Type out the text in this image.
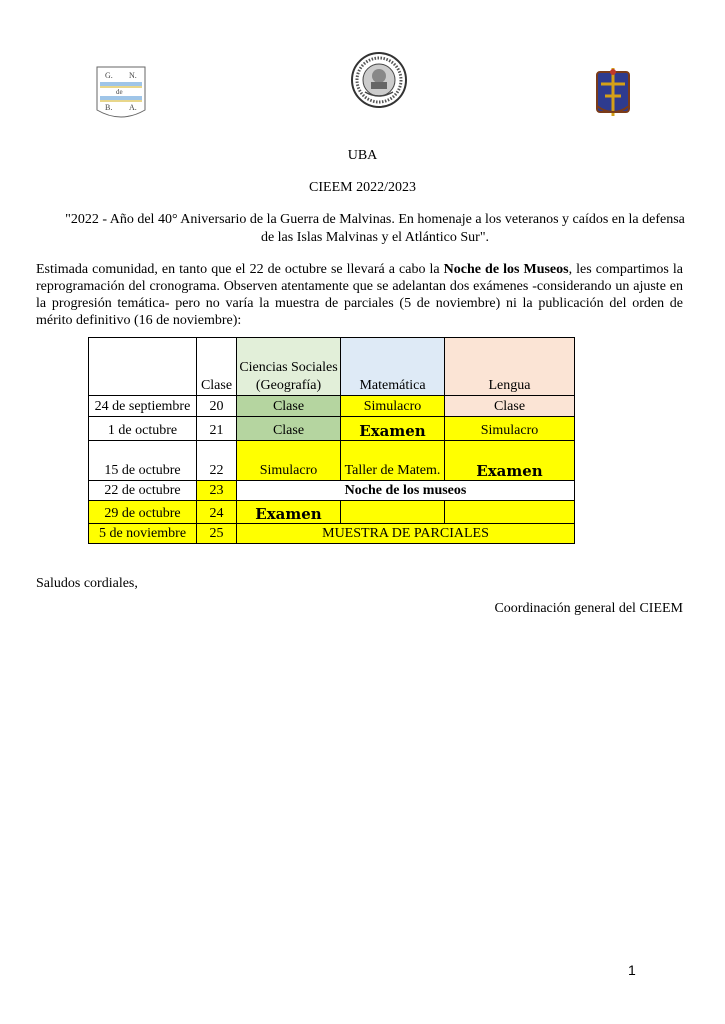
G. N.
de
B. A.
UBA
CIEEM 2022/2023
"2022 - Año del 40° Aniversario de la Guerra de Malvinas. En homenaje a los veteranos y caídos en la defensa de las Islas Malvinas y el Atlántico Sur".
Estimada comunidad, en tanto que el 22 de octubre se llevará a cabo la Noche de los Museos, les compartimos la reprogramación del cronograma. Observen atentamente que se adelantan dos exámenes -considerando un ajuste en la progresión temática- pero no varía la muestra de parciales (5 de noviembre) ni la publicación del orden de mérito definitivo (16 de noviembre):
	Clase	Ciencias Sociales (Geografía)	Matemática	Lengua
24 de septiembre	20	Clase	Simulacro	Clase
1 de octubre	21	Clase	Examen	Simulacro
15 de octubre	22	Simulacro	Taller de Matem.	Examen
22 de octubre	23	Noche de los museos		
29 de octubre	24	Examen		
5 de noviembre	25	MUESTRA DE PARCIALES		
Saludos cordiales,
Coordinación general del CIEEM
1
